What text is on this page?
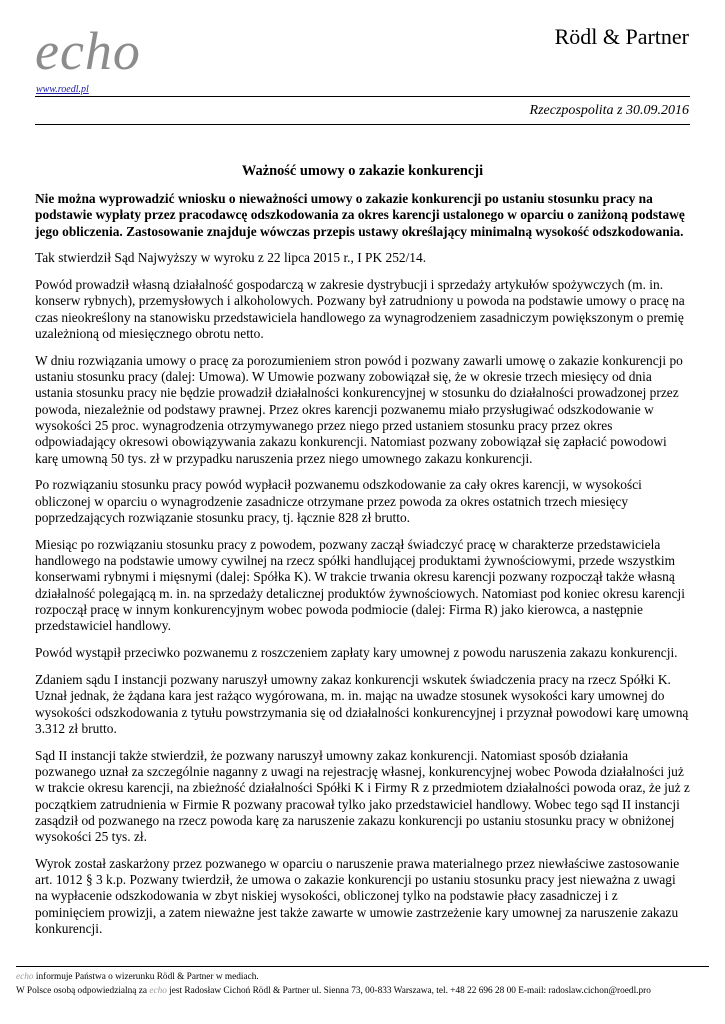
echo
www.roedl.pl
Rödl & Partner
Rzeczpospolita z 30.09.2016
Ważność umowy o zakazie konkurencji

Nie można wyprowadzić wniosku o nieważności umowy o zakazie konkurencji po ustaniu stosunku pracy na podstawie wypłaty przez pracodawcę odszkodowania za okres karencji ustalonego w oparciu o zaniżoną podstawę jego obliczenia. Zastosowanie znajduje wówczas przepis ustawy określający minimalną wysokość odszkodowania.

Tak stwierdził Sąd Najwyższy w wyroku z 22 lipca 2015 r., I PK 252/14.

Powód prowadził własną działalność gospodarczą w zakresie dystrybucji i sprzedaży artykułów spożywczych (m. in. konserw rybnych), przemysłowych i alkoholowych. Pozwany był zatrudniony u powoda na podstawie umowy o pracę na czas nieokreślony na stanowisku przedstawiciela handlowego za wynagrodzeniem zasadniczym powiększonym o premię uzależnioną od miesięcznego obrotu netto.

W dniu rozwiązania umowy o pracę za porozumieniem stron powód i pozwany zawarli umowę o zakazie konkurencji po ustaniu stosunku pracy (dalej: Umowa). W Umowie pozwany zobowiązał się, że w okresie trzech miesięcy od dnia ustania stosunku pracy nie będzie prowadził działalności konkurencyjnej w stosunku do działalności prowadzonej przez powoda, niezależnie od podstawy prawnej. Przez okres karencji pozwanemu miało przysługiwać odszkodowanie w wysokości 25 proc. wynagrodzenia otrzymywanego przez niego przed ustaniem stosunku pracy przez okres odpowiadający okresowi obowiązywania zakazu konkurencji. Natomiast pozwany zobowiązał się zapłacić powodowi karę umowną 50 tys. zł w przypadku naruszenia przez niego umownego zakazu konkurencji.

Po rozwiązaniu stosunku pracy powód wypłacił pozwanemu odszkodowanie za cały okres karencji, w wysokości obliczonej w oparciu o wynagrodzenie zasadnicze otrzymane przez powoda za okres ostatnich trzech miesięcy poprzedzających rozwiązanie stosunku pracy, tj. łącznie 828 zł brutto.

Miesiąc po rozwiązaniu stosunku pracy z powodem, pozwany zaczął świadczyć pracę w charakterze przedstawiciela handlowego na podstawie umowy cywilnej na rzecz spółki handlującej produktami żywnościowymi, przede wszystkim konserwami rybnymi i mięsnymi (dalej: Spółka K). W trakcie trwania okresu karencji pozwany rozpoczął także własną działalność polegającą m. in. na sprzedaży detalicznej produktów żywnościowych. Natomiast pod koniec okresu karencji rozpoczął pracę w innym konkurencyjnym wobec powoda podmiocie (dalej: Firma R) jako kierowca, a następnie przedstawiciel handlowy.

Powód wystąpił przeciwko pozwanemu z roszczeniem zapłaty kary umownej z powodu naruszenia zakazu konkurencji.

Zdaniem sądu I instancji pozwany naruszył umowny zakaz konkurencji wskutek świadczenia pracy na rzecz Spółki K. Uznał jednak, że żądana kara jest rażąco wygórowana, m. in. mając na uwadze stosunek wysokości kary umownej do wysokości odszkodowania z tytułu powstrzymania się od działalności konkurencyjnej i przyznał powodowi karę umowną 3.312 zł brutto.

Sąd II instancji także stwierdził, że pozwany naruszył umowny zakaz konkurencji. Natomiast sposób działania pozwanego uznał za szczególnie naganny z uwagi na rejestrację własnej, konkurencyjnej wobec Powoda działalności już w trakcie okresu karencji, na zbieżność działalności Spółki K i Firmy R z przedmiotem działalności powoda oraz, że już z początkiem zatrudnienia w Firmie R pozwany pracował tylko jako przedstawiciel handlowy. Wobec tego sąd II instancji zasądził od pozwanego na rzecz powoda karę za naruszenie zakazu konkurencji po ustaniu stosunku pracy w obniżonej wysokości 25 tys. zł.

Wyrok został zaskarżony przez pozwanego w oparciu o naruszenie prawa materialnego przez niewłaściwe zastosowanie art. 1012 § 3 k.p. Pozwany twierdził, że umowa o zakazie konkurencji po ustaniu stosunku pracy jest nieważna z uwagi na wypłacenie odszkodowania w zbyt niskiej wysokości, obliczonej tylko na podstawie płacy zasadniczej i z pominięciem prowizji, a zatem nieważne jest także zawarte w umowie zastrzeżenie kary umownej za naruszenie zakazu konkurencji.

echo informuje Państwa o wizerunku Rödl & Partner w mediach.
W Polsce osobą odpowiedzialną za echo jest Radosław Cichoń Rödl & Partner ul. Sienna 73, 00-833 Warszawa, tel. +48 22 696 28 00 E-mail: radoslaw.cichon@roedl.pro
